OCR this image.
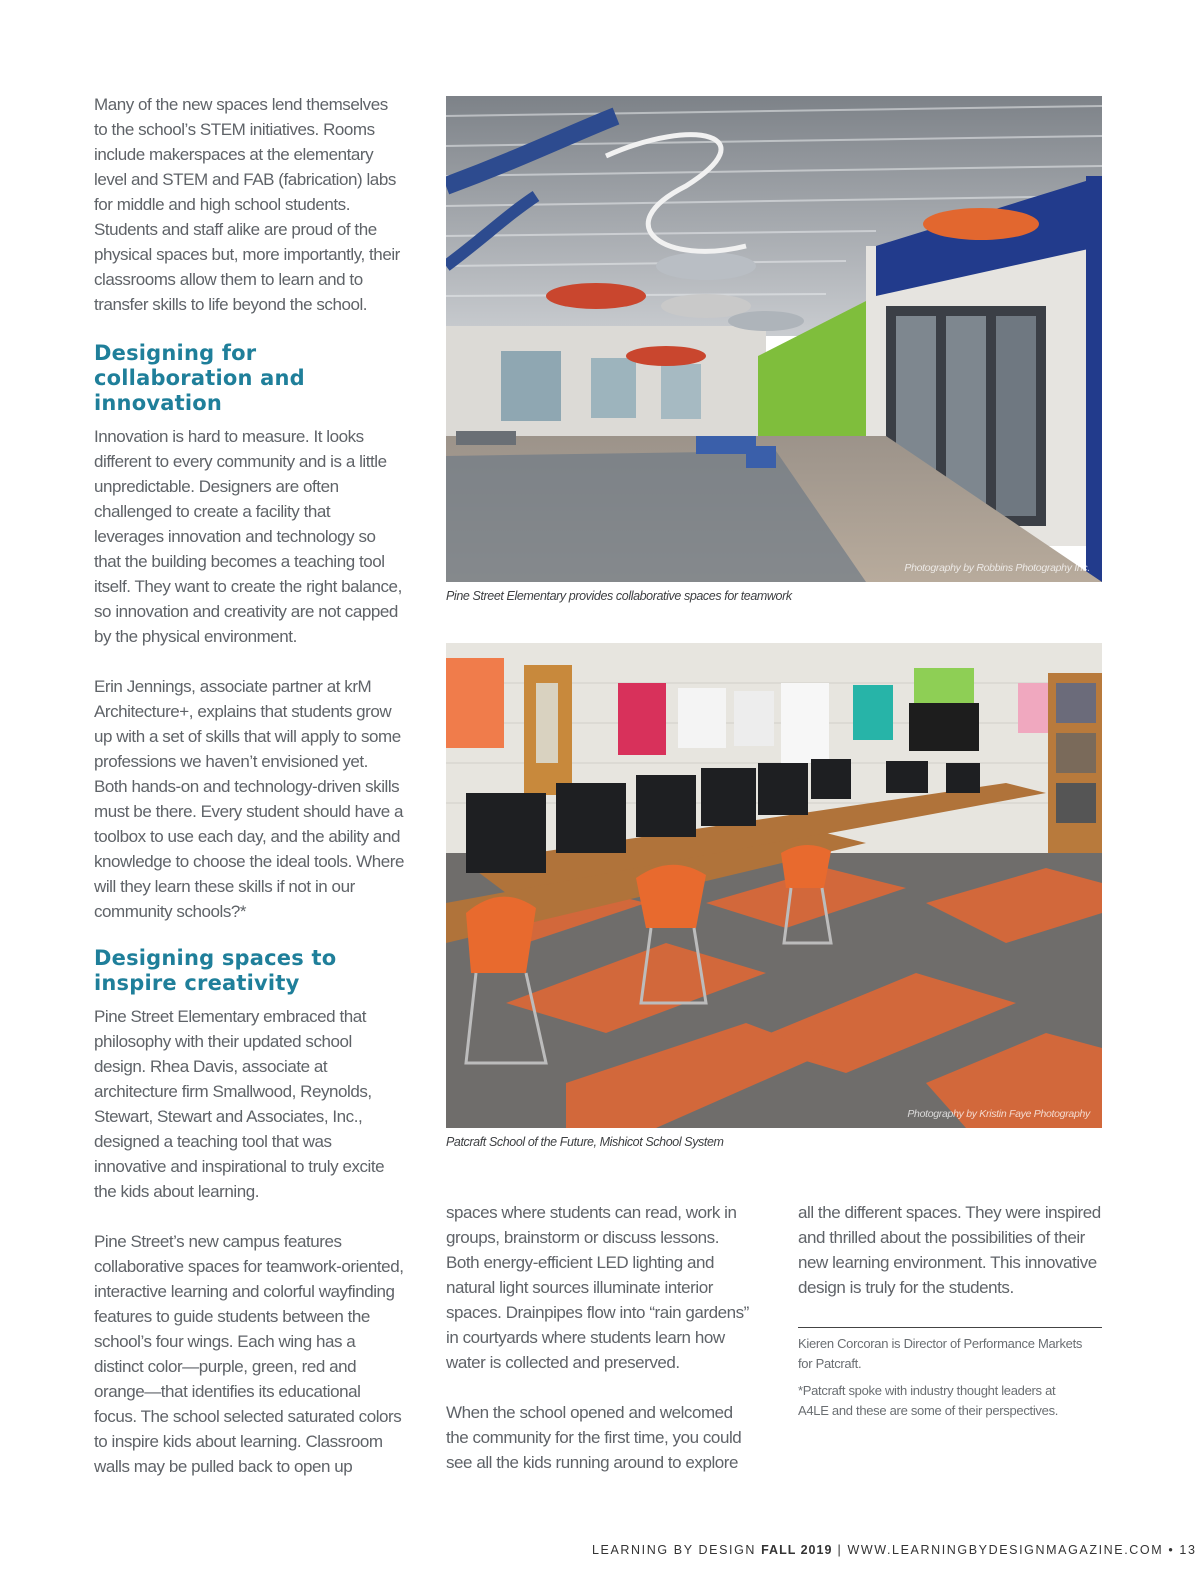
Many of the new spaces lend themselves to the school’s STEM initiatives. Rooms include makerspaces at the elementary level and STEM and FAB (fabrication) labs for middle and high school students. Students and staff alike are proud of the physical spaces but, more importantly, their classrooms allow them to learn and to transfer skills to life beyond the school.

Designing for collaboration and innovation

Innovation is hard to measure. It looks different to every community and is a little unpredictable. Designers are often challenged to create a facility that leverages innovation and technology so that the building becomes a teaching tool itself. They want to create the right balance, so innovation and creativity are not capped by the physical environment.

Erin Jennings, associate partner at krM Architecture+, explains that students grow up with a set of skills that will apply to some professions we haven’t envisioned yet. Both hands-on and technology-driven skills must be there. Every student should have a toolbox to use each day, and the ability and knowledge to choose the ideal tools. Where will they learn these skills if not in our community schools?*

Designing spaces to inspire creativity

Pine Street Elementary embraced that philosophy with their updated school design. Rhea Davis, associate at architecture firm Smallwood, Reynolds, Stewart, Stewart and Associates, Inc., designed a teaching tool that was innovative and inspirational to truly excite the kids about learning.

Pine Street’s new campus features collaborative spaces for teamwork-oriented, interactive learning and colorful wayfinding features to guide students between the school’s four wings. Each wing has a distinct color—purple, green, red and orange—that identifies its educational focus. The school selected saturated colors to inspire kids about learning. Classroom walls may be pulled back to open up

Photography by Robbins Photography Inc.

Pine Street Elementary provides collaborative spaces for teamwork

Photography by Kristin Faye Photography

Patcraft School of the Future, Mishicot School System

spaces where students can read, work in groups, brainstorm or discuss lessons. Both energy-efficient LED lighting and natural light sources illuminate interior spaces. Drainpipes flow into “rain gardens” in courtyards where students learn how water is collected and preserved.

When the school opened and welcomed the community for the first time, you could see all the kids running around to explore

all the different spaces. They were inspired and thrilled about the possibilities of their new learning environment. This innovative design is truly for the students.

Kieren Corcoran is Director of Performance Markets for Patcraft.

*Patcraft spoke with industry thought leaders at A4LE and these are some of their perspectives.

LEARNING BY DESIGN FALL 2019 | WWW.LEARNINGBYDESIGNMAGAZINE.COM • 13
